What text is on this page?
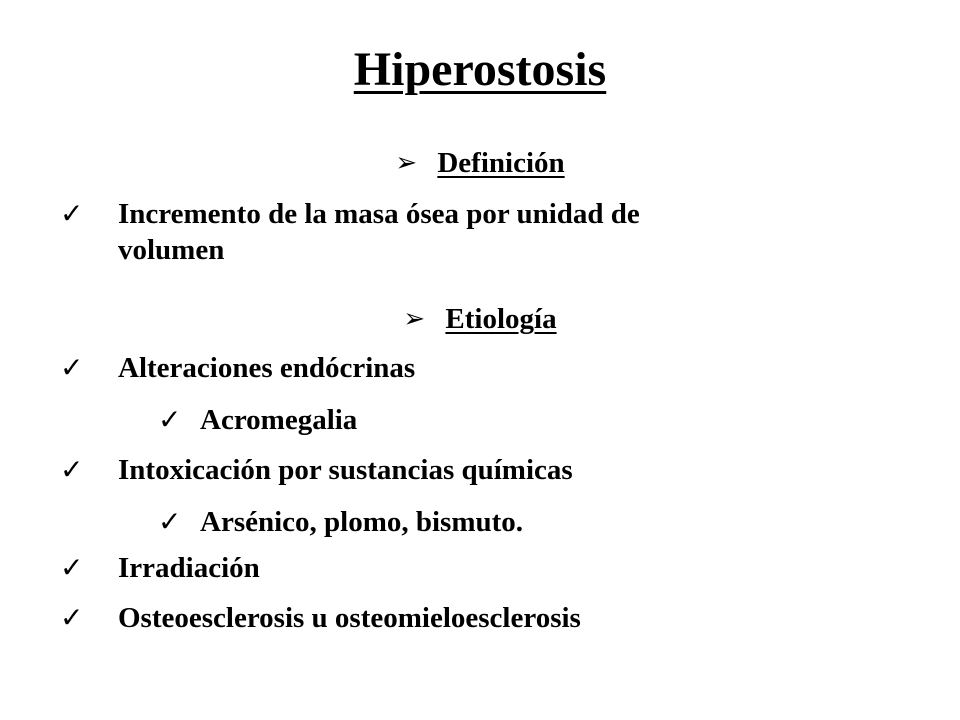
Hiperostosis
➢ Definición
✓ Incremento de la masa ósea por unidad de
volumen
➢ Etiología
✓ Alteraciones endócrinas
✓ Acromegalia
✓ Intoxicación por sustancias químicas
✓ Arsénico, plomo, bismuto.
✓ Irradiación
✓ Osteoesclerosis u osteomieloesclerosis
